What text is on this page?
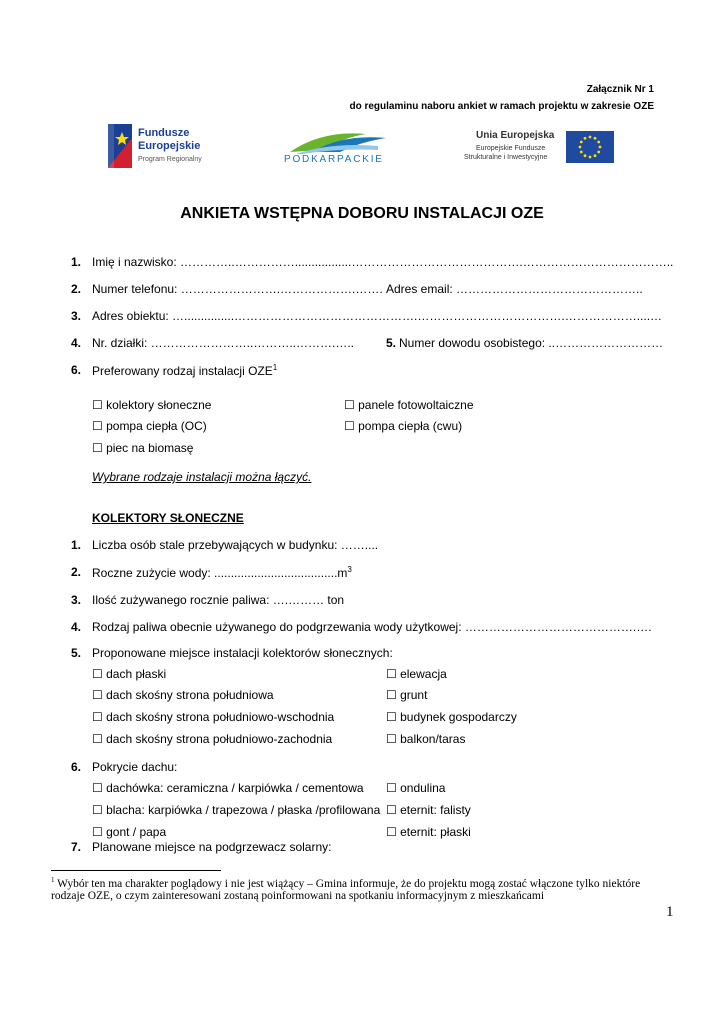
Załącznik Nr 1
do regulaminu naboru ankiet w ramach projektu w zakresie OZE
Fundusze
Europejskie
Program Regionalny	PODKARPACKIE
Unia Europejska
Europejskie Fundusze
Strukturalne i Inwestycyjne
ANKIETA WSTĘPNA DOBORU INSTALACJI OZE
1. Imię i nazwisko: …………..…………….................…………………………………….………………………………..
2. Numer telefonu: …………………….……………….……. Adres email: ………………………………………..
3. Adres obiektu: …...............……………………………………….……………………………….………………....…
4. Nr. działki: ……………………..………..……….…..	5. Numer dowodu osobistego: ..………………………
6. Preferowany rodzaj instalacji OZE$^1$
☐ kolektory słoneczne	☐ panele fotowoltaiczne
☐ pompa ciepła (OC)	☐ pompa ciepła (cwu)
☐ piec na biomasę
Wybrane rodzaje instalacji można łączyć.
KOLEKTORY SŁONECZNE
1. Liczba osób stale przebywających w budynku: ……....
2. Roczne zużycie wody: $.....................................m^3$
3. Ilość zużywanego rocznie paliwa: ….……… ton
4. Rodzaj paliwa obecnie używanego do podgrzewania wody użytkowej: …………………………………….….
5. Proponowane miejsce instalacji kolektorów słonecznych:
☐ dach płaski	☐ elewacja
☐ dach skośny strona południowa	☐ grunt
☐ dach skośny strona południowo-wschodnia	☐ budynek gospodarczy
☐ dach skośny strona południowo-zachodnia	☐ balkon/taras
6. Pokrycie dachu:
☐ dachówka: ceramiczna / karpiówka / cementowa ☐ ondulina
☐ blacha: karpiówka / trapezowa / płaska /profilowana ☐ eternit: falisty
☐ gont / papa	☐ eternit: płaski
7. Planowane miejsce na podgrzewacz solarny:
$^1$ Wybór ten ma charakter poglądowy i nie jest wiążący – Gmina informuje, że do projektu mogą zostać włączone tylko niektóre
rodzaje OZE, o czym zainteresowani zostaną poinformowani na spotkaniu informacyjnym z mieszkańcami
1
